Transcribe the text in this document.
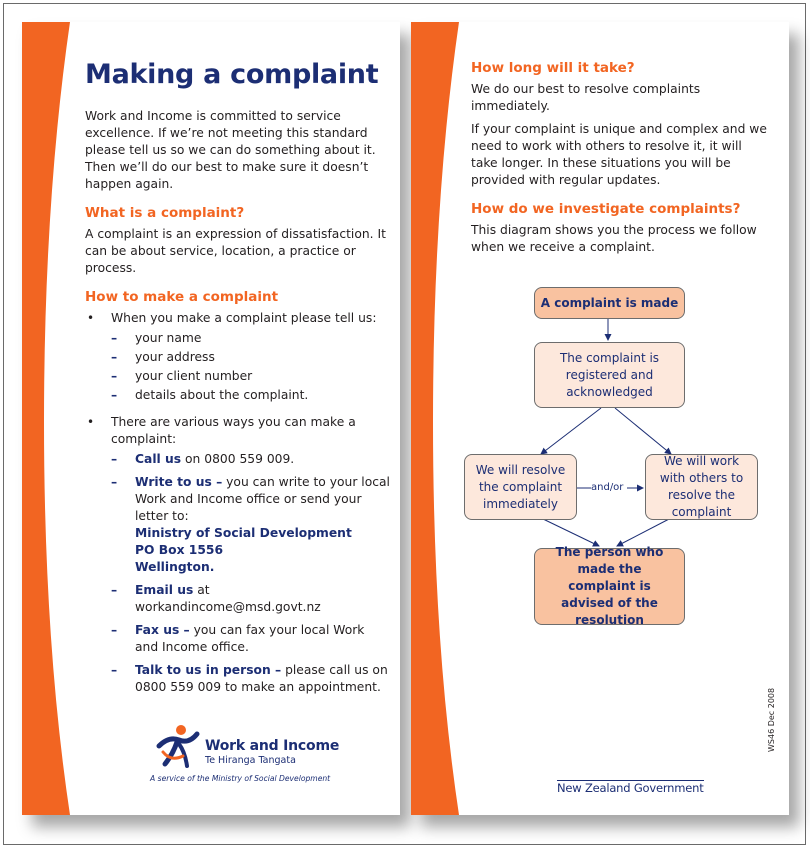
Making a complaint

Work and Income is committed to service excellence. If we’re not meeting this standard please tell us so we can do something about it. Then we’ll do our best to make sure it doesn’t happen again.

What is a complaint?

A complaint is an expression of dissatisfaction. It can be about service, location, a practice or process.

How to make a complaint
• When you make a complaint please tell us:
– your name
– your address
– your client number
– details about the complaint.
• There are various ways you can make a complaint:
– Call us on 0800 559 009.
– Write to us – you can write to your local Work and Income office or send your letter to:
Ministry of Social Development
PO Box 1556
Wellington.
– Email us at workandincome@msd.govt.nz
– Fax us – you can fax your local Work and Income office.
– Talk to us in person – please call us on 0800 559 009 to make an appointment.
Work and Income
Te Hiranga Tangata
A service of the Ministry of Social Development
How long will it take?

We do our best to resolve complaints immediately.

If your complaint is unique and complex and we need to work with others to resolve it, it will take longer. In these situations you will be provided with regular updates.

How do we investigate complaints?

This diagram shows you the process we follow when we receive a complaint.

A complaint is made
The complaint is registered and acknowledged
We will resolve the complaint immediately
We will work with others to resolve the complaint
and/or
The person who made the complaint is advised of the resolution
New Zealand Government
WS46 Dec 2008
